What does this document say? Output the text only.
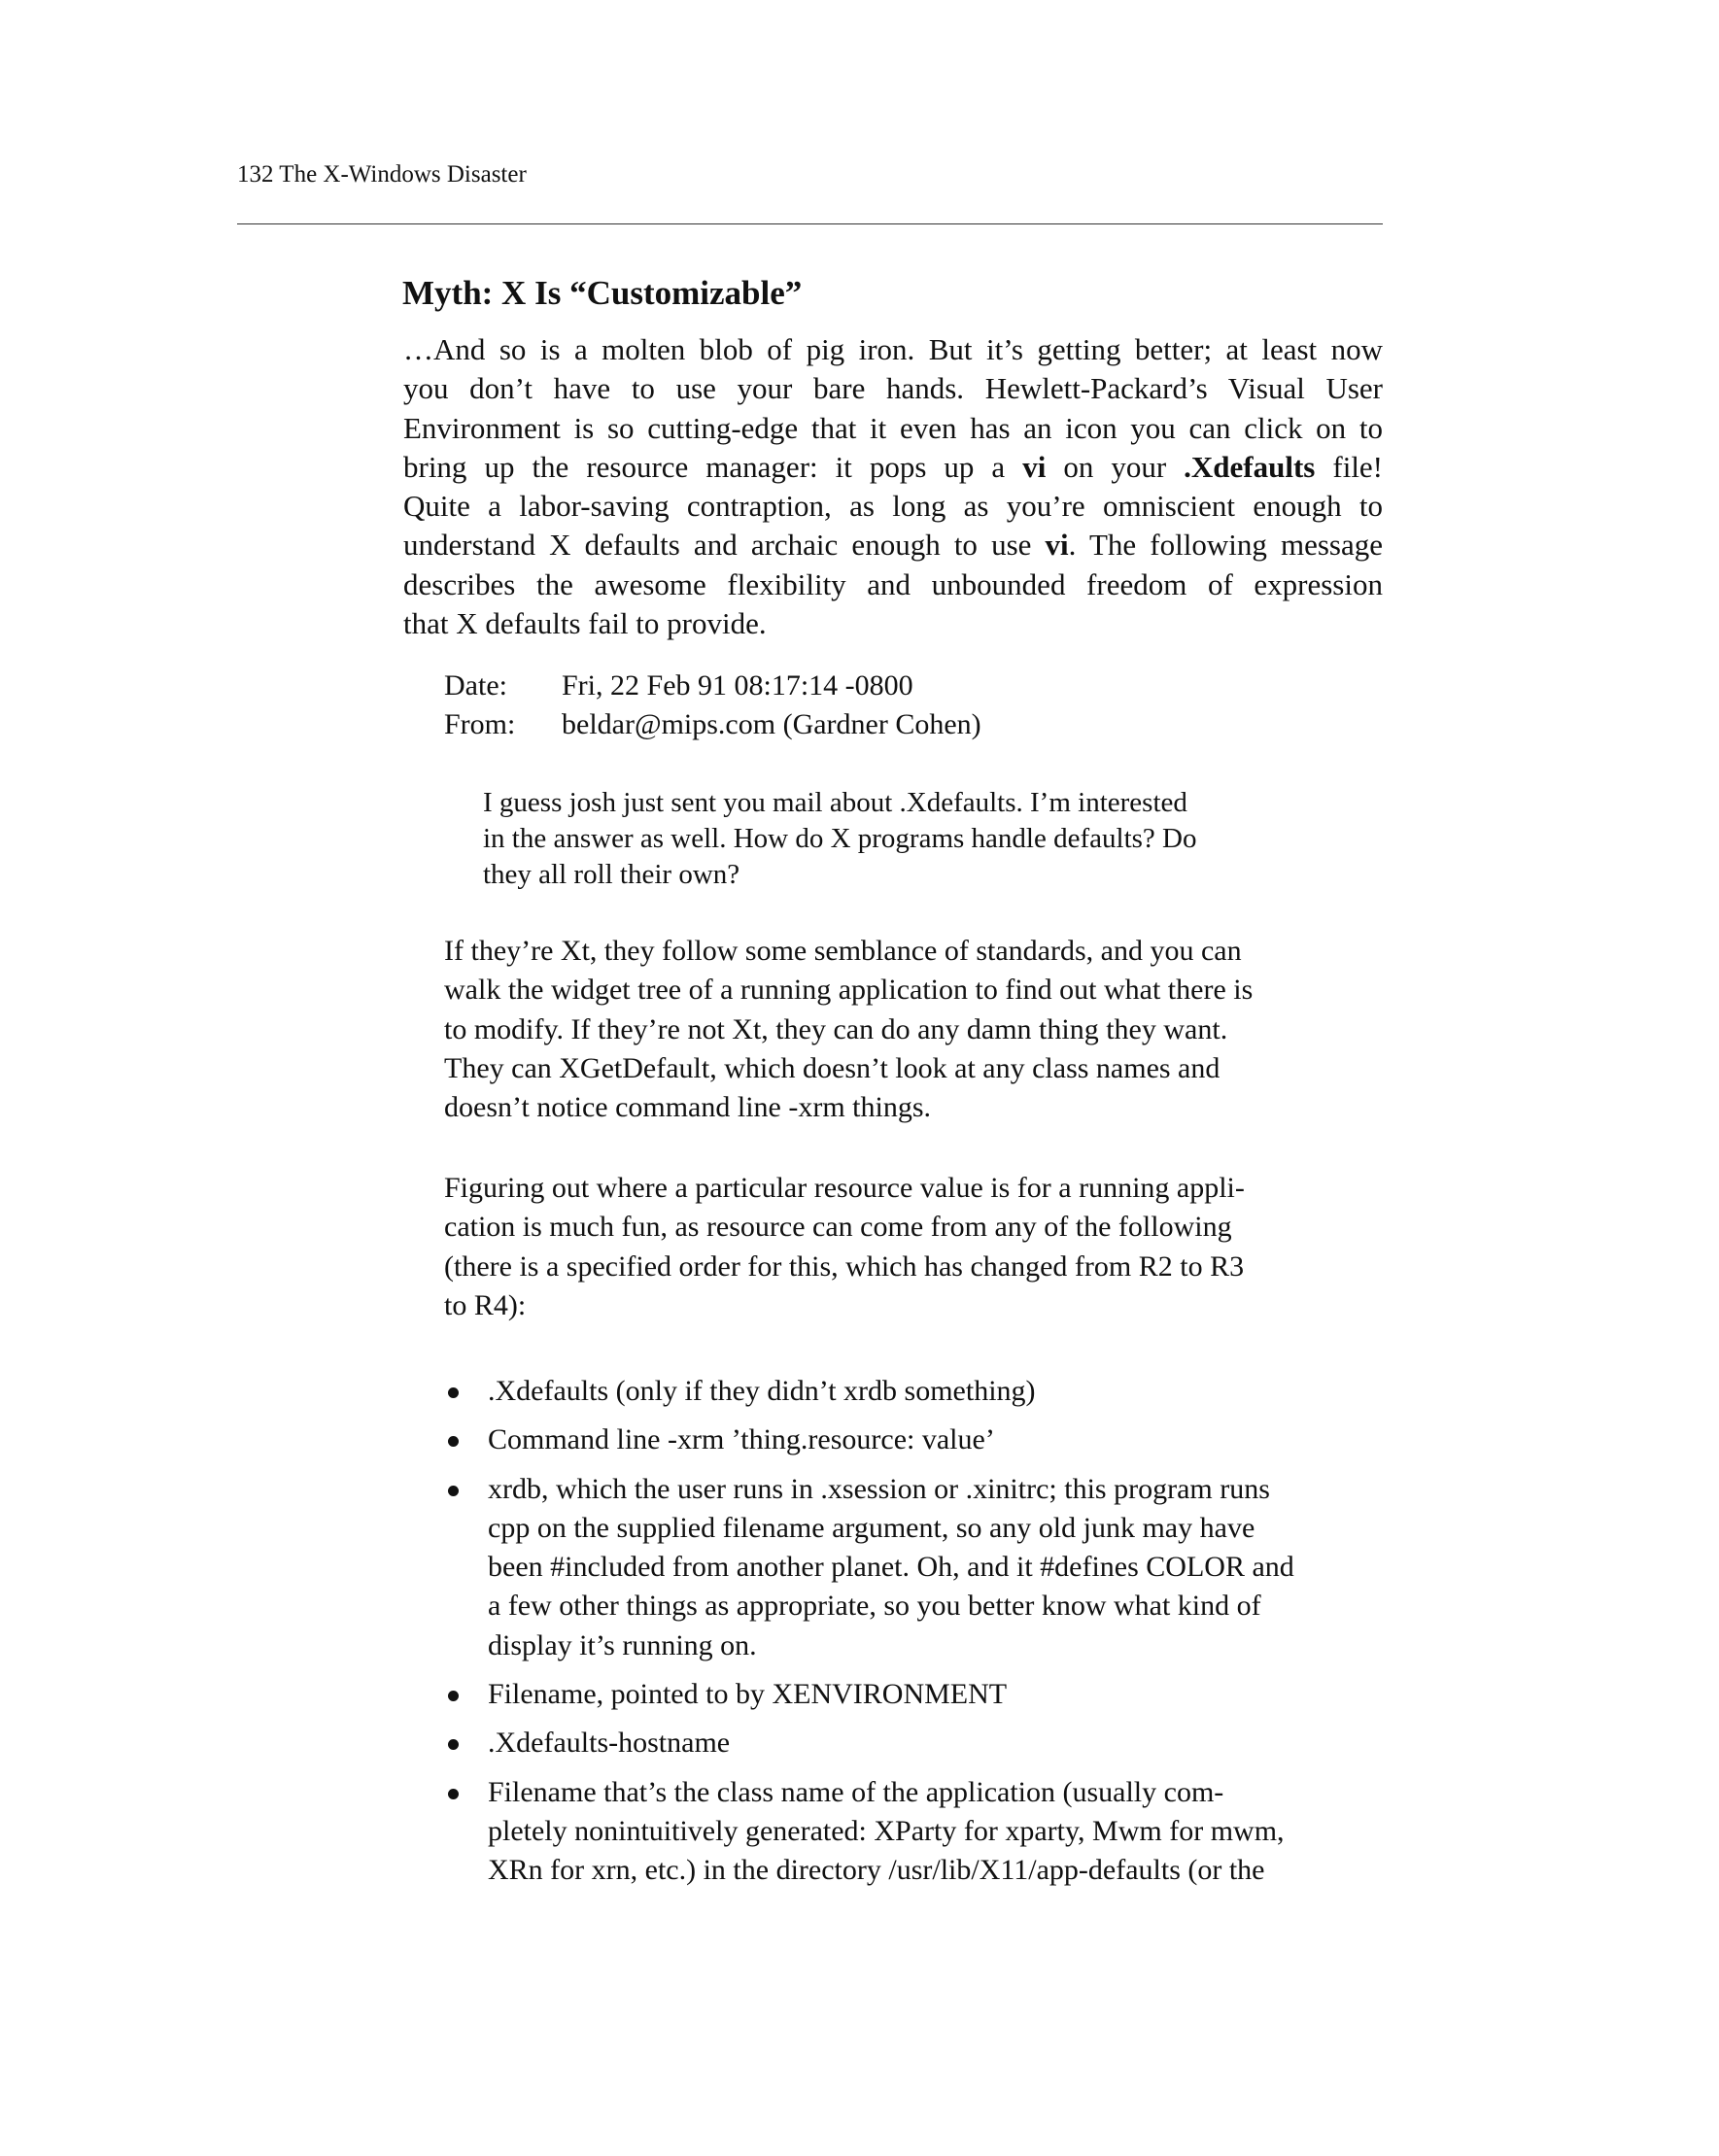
132 The X-Windows Disaster
Myth: X Is “Customizable”
…And so is a molten blob of pig iron. But it’s getting better; at least now
you don’t have to use your bare hands. Hewlett-Packard’s Visual User
Environment is so cutting-edge that it even has an icon you can click on to
bring up the resource manager: it pops up a vi on your .Xdefaults file!
Quite a labor-saving contraption, as long as you’re omniscient enough to
understand X defaults and archaic enough to use vi. The following message
describes the awesome flexibility and unbounded freedom of expression
that X defaults fail to provide.
Date: Fri, 22 Feb 91 08:17:14 -0800
From: beldar@mips.com (Gardner Cohen)
I guess josh just sent you mail about .Xdefaults. I’m interested
in the answer as well. How do X programs handle defaults? Do
they all roll their own?
If they’re Xt, they follow some semblance of standards, and you can
walk the widget tree of a running application to find out what there is
to modify. If they’re not Xt, they can do any damn thing they want.
They can XGetDefault, which doesn’t look at any class names and
doesn’t notice command line -xrm things.
Figuring out where a particular resource value is for a running appli-
cation is much fun, as resource can come from any of the following
(there is a specified order for this, which has changed from R2 to R3
to R4):
.Xdefaults (only if they didn’t xrdb something)
Command line -xrm ’thing.resource: value’
xrdb, which the user runs in .xsession or .xinitrc; this program runs
cpp on the supplied filename argument, so any old junk may have
been #included from another planet. Oh, and it #defines COLOR and
a few other things as appropriate, so you better know what kind of
display it’s running on.
Filename, pointed to by XENVIRONMENT
.Xdefaults-hostname
Filename that’s the class name of the application (usually com-
pletely nonintuitively generated: XParty for xparty, Mwm for mwm,
XRn for xrn, etc.) in the directory /usr/lib/X11/app-defaults (or the
